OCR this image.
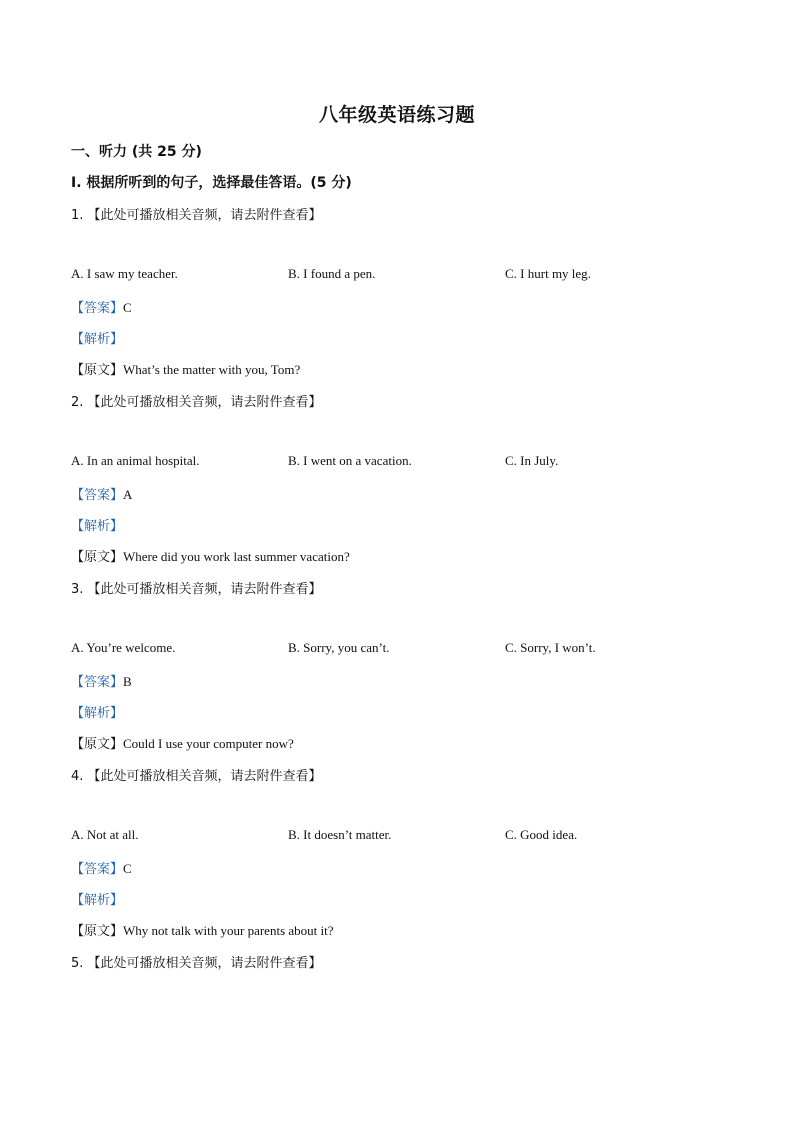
八年级英语练习题
一、听力 (共 25 分)
Ⅰ. 根据所听到的句子，选择最佳答语。(5 分)
1. 【此处可播放相关音频，请去附件查看】
A. I saw my teacher.	B. I found a pen.	C. I hurt my leg.
【答案】C
【解析】
【原文】What’s the matter with you, Tom?
2. 【此处可播放相关音频，请去附件查看】
A. In an animal hospital.	B. I went on a vacation.	C. In July.
【答案】A
【解析】
【原文】Where did you work last summer vacation?
3. 【此处可播放相关音频，请去附件查看】
A. You’re welcome.	B. Sorry, you can’t.	C. Sorry, I won’t.
【答案】B
【解析】
【原文】Could I use your computer now?
4. 【此处可播放相关音频，请去附件查看】
A. Not at all.	B. It doesn’t matter.	C. Good idea.
【答案】C
【解析】
【原文】Why not talk with your parents about it?
5. 【此处可播放相关音频，请去附件查看】
